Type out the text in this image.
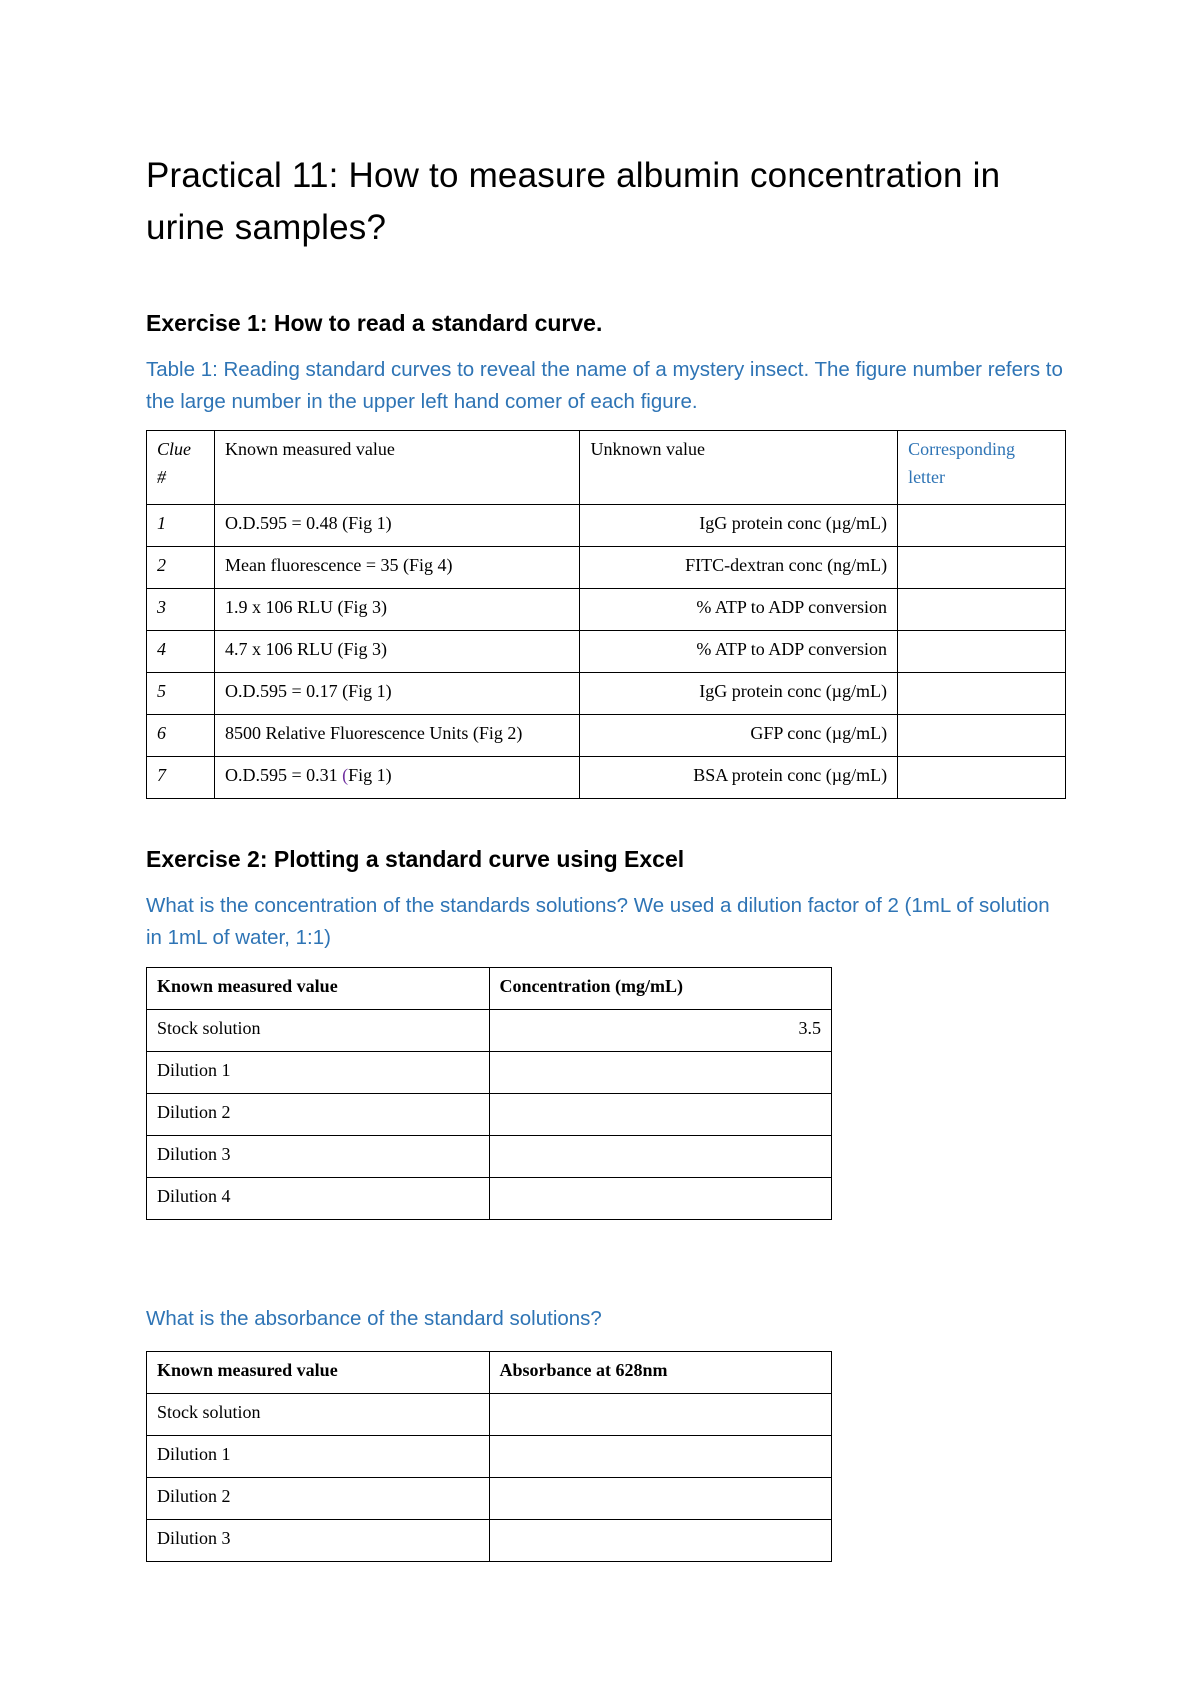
Practical 11: How to measure albumin concentration in urine samples?
Exercise 1: How to read a standard curve.
Table 1: Reading standard curves to reveal the name of a mystery insect. The figure number refers to the large number in the upper left hand comer of each figure.
Clue #	Known measured value	Unknown value	Corresponding letter
1	O.D.595 = 0.48 (Fig 1)	IgG protein conc (µg/mL)	
2	Mean fluorescence = 35 (Fig 4)	FITC-dextran conc (ng/mL)	
3	1.9 x 106 RLU (Fig 3)	% ATP to ADP conversion	
4	4.7 x 106 RLU (Fig 3)	% ATP to ADP conversion	
5	O.D.595 = 0.17 (Fig 1)	IgG protein conc (µg/mL)	
6	8500 Relative Fluorescence Units (Fig 2)	GFP conc (µg/mL)	
7	O.D.595 = 0.31 (Fig 1)	BSA protein conc (µg/mL)	
Exercise 2: Plotting a standard curve using Excel
What is the concentration of the standards solutions? We used a dilution factor of 2 (1mL of solution in 1mL of water, 1:1)
Known measured value	Concentration (mg/mL)
Stock solution	3.5
Dilution 1	
Dilution 2	
Dilution 3	
Dilution 4	
What is the absorbance of the standard solutions?
Known measured value	Absorbance at 628nm
Stock solution	
Dilution 1	
Dilution 2	
Dilution 3	
